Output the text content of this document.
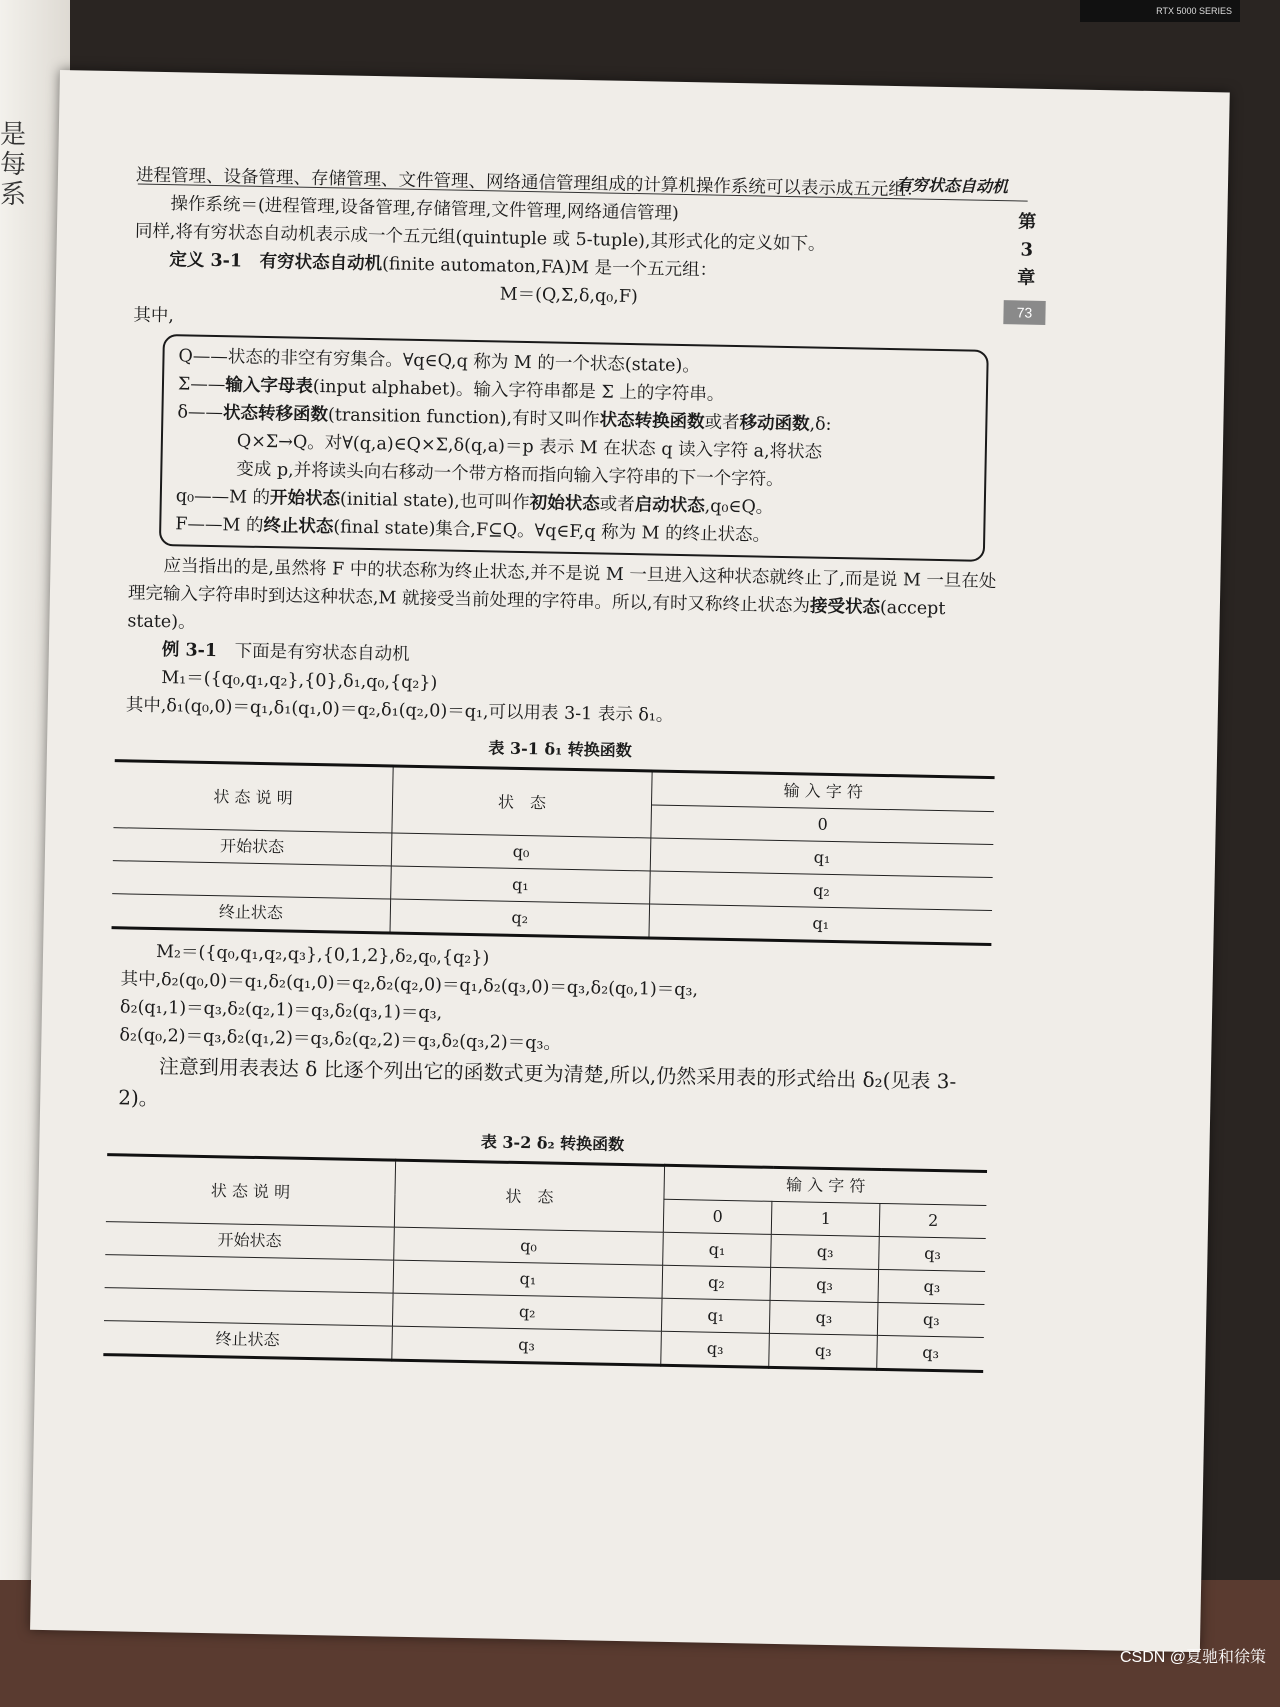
是每系
RTX 5000 SERIES
有穷状态自动机
第
3
章
73

进程管理、设备管理、存储管理、文件管理、网络通信管理组成的计算机操作系统可以表示成五元组：

操作系统＝(进程管理,设备管理,存储管理,文件管理,网络通信管理)

同样,将有穷状态自动机表示成一个五元组(quintuple 或 5-tuple),其形式化的定义如下。

定义 3-1　 有穷状态自动机(finite automaton,FA)M 是一个五元组：

M＝(Q,Σ,δ,q₀,F)

其中,

Q——状态的非空有穷集合。∀q∈Q,q 称为 M 的一个状态(state)。
Σ——输入字母表(input alphabet)。输入字符串都是 Σ 上的字符串。
δ——状态转移函数(transition function),有时又叫作状态转换函数或者移动函数,δ:
Q×Σ→Q。对∀(q,a)∈Q×Σ,δ(q,a)＝p 表示 M 在状态 q 读入字符 a,将状态
变成 p,并将读头向右移动一个带方格而指向输入字符串的下一个字符。
q₀——M 的开始状态(initial state),也可叫作初始状态或者启动状态,q₀∈Q。
F——M 的终止状态(final state)集合,F⊆Q。∀q∈F,q 称为 M 的终止状态。

应当指出的是,虽然将 F 中的状态称为终止状态,并不是说 M 一旦进入这种状态就终止了,而是说 M 一旦在处理完输入字符串时到达这种状态,M 就接受当前处理的字符串。所以,有时又称终止状态为接受状态(accept state)。

例 3-1　 下面是有穷状态自动机

M₁＝({q₀,q₁,q₂},{0},δ₁,q₀,{q₂})

其中,δ₁(q₀,0)＝q₁,δ₁(q₁,0)＝q₂,δ₁(q₂,0)＝q₁,可以用表 3-1 表示 δ₁。

表 3-1 δ₁ 转换函数
状 态 说 明	状　态	输 入 字 符
		0
开始状态	q₀	q₁
	q₁	q₂
终止状态	q₂	q₁

M₂＝({q₀,q₁,q₂,q₃},{0,1,2},δ₂,q₀,{q₂})

其中,δ₂(q₀,0)＝q₁,δ₂(q₁,0)＝q₂,δ₂(q₂,0)＝q₁,δ₂(q₃,0)＝q₃,δ₂(q₀,1)＝q₃,

δ₂(q₁,1)＝q₃,δ₂(q₂,1)＝q₃,δ₂(q₃,1)＝q₃,

δ₂(q₀,2)＝q₃,δ₂(q₁,2)＝q₃,δ₂(q₂,2)＝q₃,δ₂(q₃,2)＝q₃。

注意到用表表达 δ 比逐个列出它的函数式更为清楚,所以,仍然采用表的形式给出 δ₂(见表 3-2)。

表 3-2 δ₂ 转换函数
状 态 说 明	状　态	输 入 字 符		
		0	1	2
开始状态	q₀	q₁	q₃	q₃
	q₁	q₂	q₃	q₃
	q₂	q₁	q₃	q₃
终止状态	q₃	q₃	q₃	q₃
CSDN @夏驰和徐策
